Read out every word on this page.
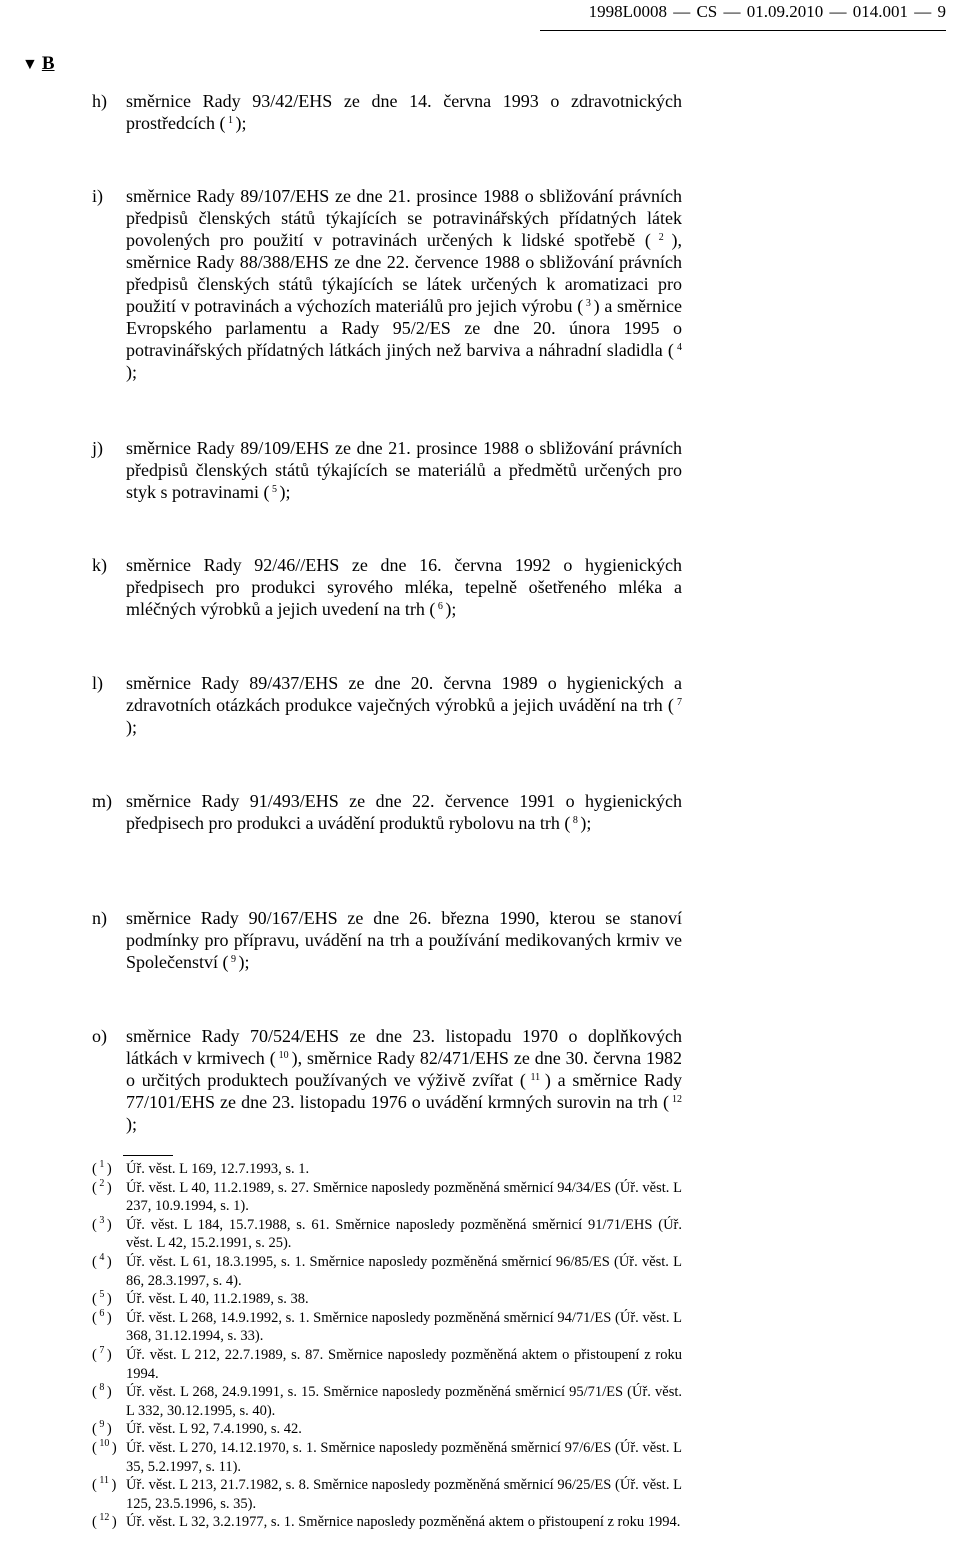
1998L0008 — CS — 01.09.2010 — 014.001 — 9
▼ B
h)	směrnice Rady 93/42/EHS ze dne 14. června 1993 o zdravotnických prostředcích ( $^1$ );
i)	směrnice Rady 89/107/EHS ze dne 21. prosince 1988 o sbližování právních předpisů členských států týkajících se potravinářských přídatných látek povolených pro použití v potravinách určených k lidské spotřebě ( $^2$ ), směrnice Rady 88/388/EHS ze dne 22. července 1988 o sbližování právních předpisů členských států týkajících se látek určených k aromatizaci pro použití v potravinách a výchozích materiálů pro jejich výrobu ( $^3$ ) a směrnice Evropského parlamentu a Rady 95/2/ES ze dne 20. února 1995 o potravinářských přídatných látkách jiných než barviva a náhradní sladidla ( $^4$ );
j)	směrnice Rady 89/109/EHS ze dne 21. prosince 1988 o sbližování právních předpisů členských států týkajících se materiálů a předmětů určených pro styk s potravinami ( $^5$ );
k)	směrnice Rady 92/46//EHS ze dne 16. června 1992 o hygienických předpisech pro produkci syrového mléka, tepelně ošetřeného mléka a mléčných výrobků a jejich uvedení na trh ( $^6$ );
l)	směrnice Rady 89/437/EHS ze dne 20. června 1989 o hygienických a zdravotních otázkách produkce vaječných výrobků a jejich uvádění na trh ( $^7$ );
m) směrnice Rady 91/493/EHS ze dne 22. července 1991 o hygienických předpisech pro produkci a uvádění produktů rybolovu na trh ( $^8$ );
n)	směrnice Rady 90/167/EHS ze dne 26. března 1990, kterou se stanoví podmínky pro přípravu, uvádění na trh a používání medikovaných krmiv ve Společenství ( $^9$ );
o)	směrnice Rady 70/524/EHS ze dne 23. listopadu 1970 o doplňkových látkách v krmivech ( $^{10}$ ), směrnice Rady 82/471/EHS ze dne 30. června 1982 o určitých produktech používaných ve výživě zvířat ( $^{11}$ ) a směrnice Rady 77/101/EHS ze dne 23. listopadu 1976 o uvádění krmných surovin na trh ( $^{12}$ );
( $^1$ ) Úř. věst. L 169, 12.7.1993, s. 1.
( $^2$ ) Úř. věst. L 40, 11.2.1989, s. 27. Směrnice naposledy pozměněná směrnicí 94/34/ES (Úř. věst. L 237, 10.9.1994, s. 1).
( $^3$ ) Úř. věst. L 184, 15.7.1988, s. 61. Směrnice naposledy pozměněná směrnicí 91/71/EHS (Úř. věst. L 42, 15.2.1991, s. 25).
( $^4$ ) Úř. věst. L 61, 18.3.1995, s. 1. Směrnice naposledy pozměněná směrnicí 96/85/ES (Úř. věst. L 86, 28.3.1997, s. 4).
( $^5$ ) Úř. věst. L 40, 11.2.1989, s. 38.
( $^6$ ) Úř. věst. L 268, 14.9.1992, s. 1. Směrnice naposledy pozměněná směrnicí 94/71/ES (Úř. věst. L 368, 31.12.1994, s. 33).
( $^7$ ) Úř. věst. L 212, 22.7.1989, s. 87. Směrnice naposledy pozměněná aktem o přistoupení z roku 1994.
( $^8$ ) Úř. věst. L 268, 24.9.1991, s. 15. Směrnice naposledy pozměněná směrnicí 95/71/ES (Úř. věst. L 332, 30.12.1995, s. 40).
( $^9$ ) Úř. věst. L 92, 7.4.1990, s. 42.
( $^{10}$ ) Úř. věst. L 270, 14.12.1970, s. 1. Směrnice naposledy pozměněná směrnicí 97/6/ES (Úř. věst. L 35, 5.2.1997, s. 11).
( $^{11}$ ) Úř. věst. L 213, 21.7.1982, s. 8. Směrnice naposledy pozměněná směrnicí 96/25/ES (Úř. věst. L 125, 23.5.1996, s. 35).
( $^{12}$ ) Úř. věst. L 32, 3.2.1977, s. 1. Směrnice naposledy pozměněná aktem o přistoupení z roku 1994.
